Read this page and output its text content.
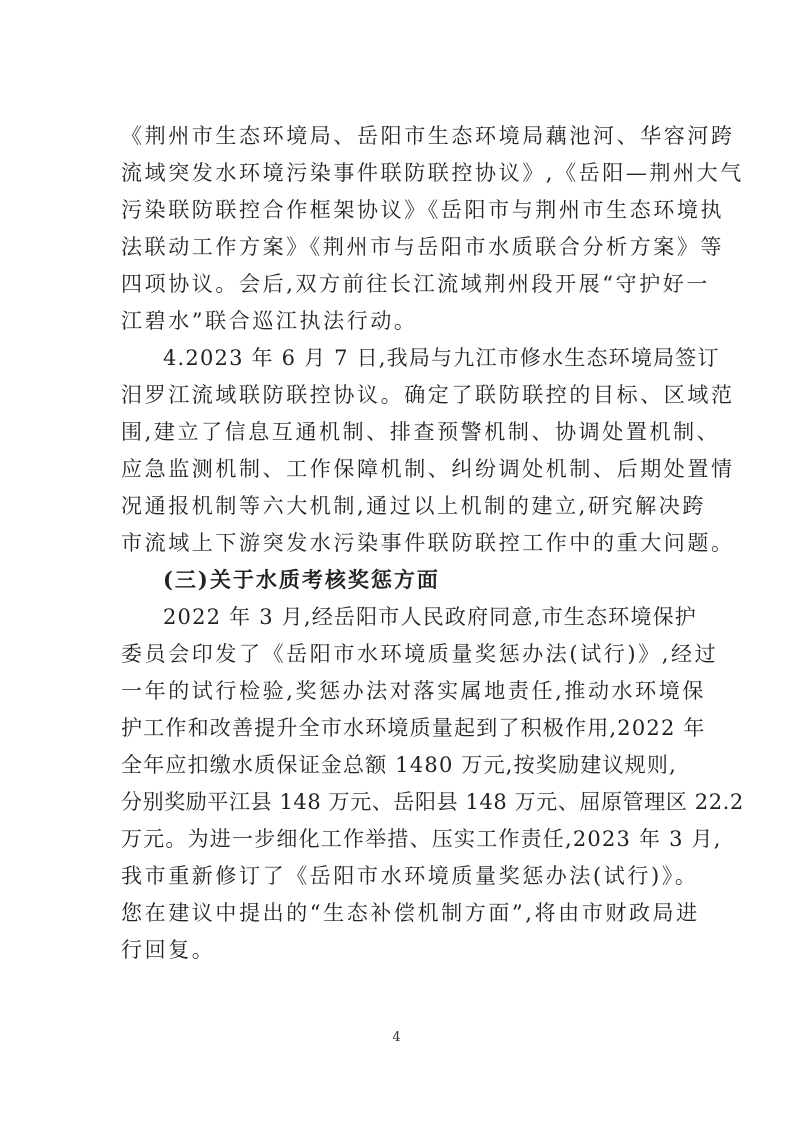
《荆州市生态环境局、岳阳市生态环境局藕池河、华容河跨
流域突发水环境污染事件联防联控协议》,《岳阳—荆州大气
污染联防联控合作框架协议》《岳阳市与荆州市生态环境执
法联动工作方案》《荆州市与岳阳市水质联合分析方案》等
四项协议。会后,双方前往长江流域荆州段开展“守护好一
江碧水”联合巡江执法行动。
4.2023 年 6 月 7 日,我局与九江市修水生态环境局签订
汨罗江流域联防联控协议。确定了联防联控的目标、区域范
围,建立了信息互通机制、排查预警机制、协调处置机制、
应急监测机制、工作保障机制、纠纷调处机制、后期处置情
况通报机制等六大机制,通过以上机制的建立,研究解决跨
市流域上下游突发水污染事件联防联控工作中的重大问题。
(三)关于水质考核奖惩方面
2022 年 3 月,经岳阳市人民政府同意,市生态环境保护
委员会印发了《岳阳市水环境质量奖惩办法(试行)》,经过
一年的试行检验,奖惩办法对落实属地责任,推动水环境保
护工作和改善提升全市水环境质量起到了积极作用,2022 年
全年应扣缴水质保证金总额 1480 万元,按奖励建议规则,
分别奖励平江县 148 万元、岳阳县 148 万元、屈原管理区 22.2
万元。为进一步细化工作举措、压实工作责任,2023 年 3 月,
我市重新修订了《岳阳市水环境质量奖惩办法(试行)》。
您在建议中提出的“生态补偿机制方面”,将由市财政局进
行回复。
4
